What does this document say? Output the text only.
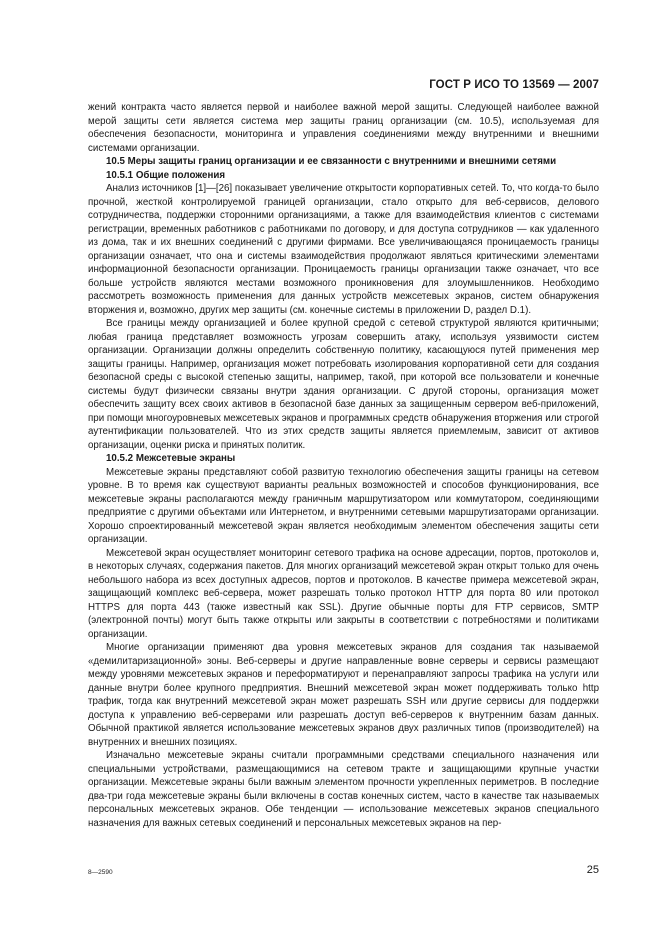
ГОСТ Р ИСО ТО 13569 — 2007

жений контракта часто является первой и наиболее важной мерой защиты. Следующей наиболее важной мерой защиты сети является система мер защиты границ организации (см. 10.5), используемая для обеспечения безопасности, мониторинга и управления соединениями между внутренними и внешними системами организации.

10.5 Меры защиты границ организации и ее связанности с внутренними и внешними сетями
10.5.1 Общие положения

Анализ источников [1]—[26] показывает увеличение открытости корпоративных сетей. То, что когда-то было прочной, жесткой контролируемой границей организации, стало открыто для веб-сервисов, делового сотрудничества, поддержки сторонними организациями, а также для взаимодействия клиентов с системами регистрации, временных работников с работниками по договору, и для доступа сотрудников — как удаленного из дома, так и их внешних соединений с другими фирмами. Все увеличивающаяся проницаемость границы организации означает, что она и системы взаимодействия продолжают являться критическими элементами информационной безопасности организации. Проницаемость границы организации также означает, что все больше устройств являются местами возможного проникновения для злоумышленников. Необходимо рассмотреть возможность применения для данных устройств межсетевых экранов, систем обнаружения вторжения и, возможно, других мер защиты (см. конечные системы в приложении D, раздел D.1).

Все границы между организацией и более крупной средой с сетевой структурой являются критичными; любая граница представляет возможность угрозам совершить атаку, используя уязвимости систем организации. Организации должны определить собственную политику, касающуюся путей применения мер защиты границы. Например, организация может потребовать изолирования корпоративной сети для создания безопасной среды с высокой степенью защиты, например, такой, при которой все пользователи и конечные системы будут физически связаны внутри здания организации. С другой стороны, организация может обеспечить защиту всех своих активов в безопасной базе данных за защищенным сервером веб-приложений, при помощи многоуровневых межсетевых экранов и программных средств обнаружения вторжения или строгой аутентификации пользователей. Что из этих средств защиты является приемлемым, зависит от активов организации, оценки риска и принятых политик.

10.5.2 Межсетевые экраны

Межсетевые экраны представляют собой развитую технологию обеспечения защиты границы на сетевом уровне. В то время как существуют варианты реальных возможностей и способов функционирования, все межсетевые экраны располагаются между граничным маршрутизатором или коммутатором, соединяющими предприятие с другими объектами или Интернетом, и внутренними сетевыми маршрутизаторами организации. Хорошо спроектированный межсетевой экран является необходимым элементом обеспечения защиты сети организации.

Межсетевой экран осуществляет мониторинг сетевого трафика на основе адресации, портов, протоколов и, в некоторых случаях, содержания пакетов. Для многих организаций межсетевой экран открыт только для очень небольшого набора из всех доступных адресов, портов и протоколов. В качестве примера межсетевой экран, защищающий комплекс веб-сервера, может разрешать только протокол HTTP для порта 80 или протокол HTTPS для порта 443 (также известный как SSL). Другие обычные порты для FTP сервисов, SMTP (электронной почты) могут быть также открыты или закрыты в соответствии с потребностями и политиками организации.

Многие организации применяют два уровня межсетевых экранов для создания так называемой «демилитаризационной» зоны. Веб-серверы и другие направленные вовне серверы и сервисы размещают между уровнями межсетевых экранов и переформатируют и перенаправляют запросы трафика на услуги или данные внутри более крупного предприятия. Внешний межсетевой экран может поддерживать только http трафик, тогда как внутренний межсетевой экран может разрешать SSH или другие сервисы для поддержки доступа к управлению веб-серверами или разрешать доступ веб-серверов к внутренним базам данных. Обычной практикой является использование межсетевых экранов двух различных типов (производителей) на внутренних и внешних позициях.

Изначально межсетевые экраны считали программными средствами специального назначения или специальными устройствами, размещающимися на сетевом тракте и защищающими крупные участки организации. Межсетевые экраны были важным элементом прочности укрепленных периметров. В последние два-три года межсетевые экраны были включены в состав конечных систем, часто в качестве так называемых персональных межсетевых экранов. Обе тенденции — использование межсетевых экранов специального назначения для важных сетевых соединений и персональных межсетевых экранов на пер-

8—2590	25
